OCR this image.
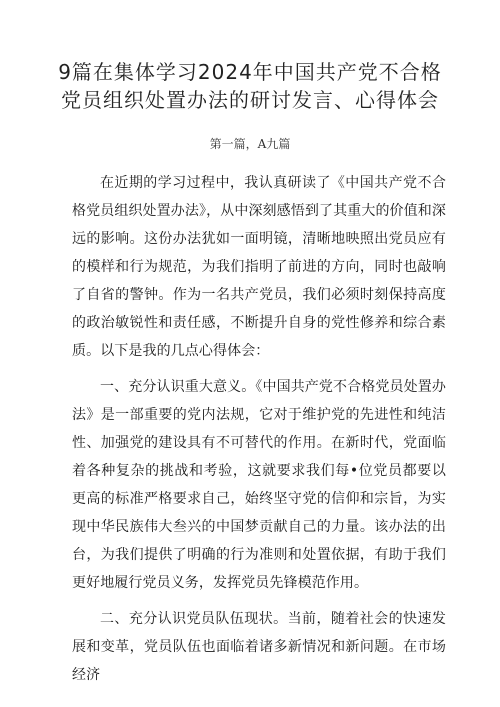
9篇在集体学习2024年中国共产党不合格
党员组织处置办法的研讨发言、心得体会
第一篇，A九篇

在近期的学习过程中，我认真研读了《中国共产党不合格党员组织处置办法》，从中深刻感悟到了其重大的价值和深远的影响。这份办法犹如一面明镜，清晰地映照出党员应有的模样和行为规范，为我们指明了前进的方向，同时也敲响了自省的警钟。作为一名共产党员，我们必须时刻保持高度的政治敏锐性和责任感，不断提升自身的党性修养和综合素质。以下是我的几点心得体会：

一、充分认识重大意义。《中国共产党不合格党员处置办法》是一部重要的党内法规，它对于维护党的先进性和纯洁性、加强党的建设具有不可替代的作用。在新时代，党面临着各种复杂的挑战和考验，这就要求我们每•位党员都要以更高的标准严格要求自己，始终坚守党的信仰和宗旨，为实现中华民族伟大叁兴的中国梦贡献自己的力量。该办法的出台，为我们提供了明确的行为准则和处置依据，有助于我们更好地履行党员义务，发挥党员先锋模范作用。

二、充分认识党员队伍现状。当前，随着社会的快速发展和变革，党员队伍也面临着诸多新情况和新问题。在市场经济
